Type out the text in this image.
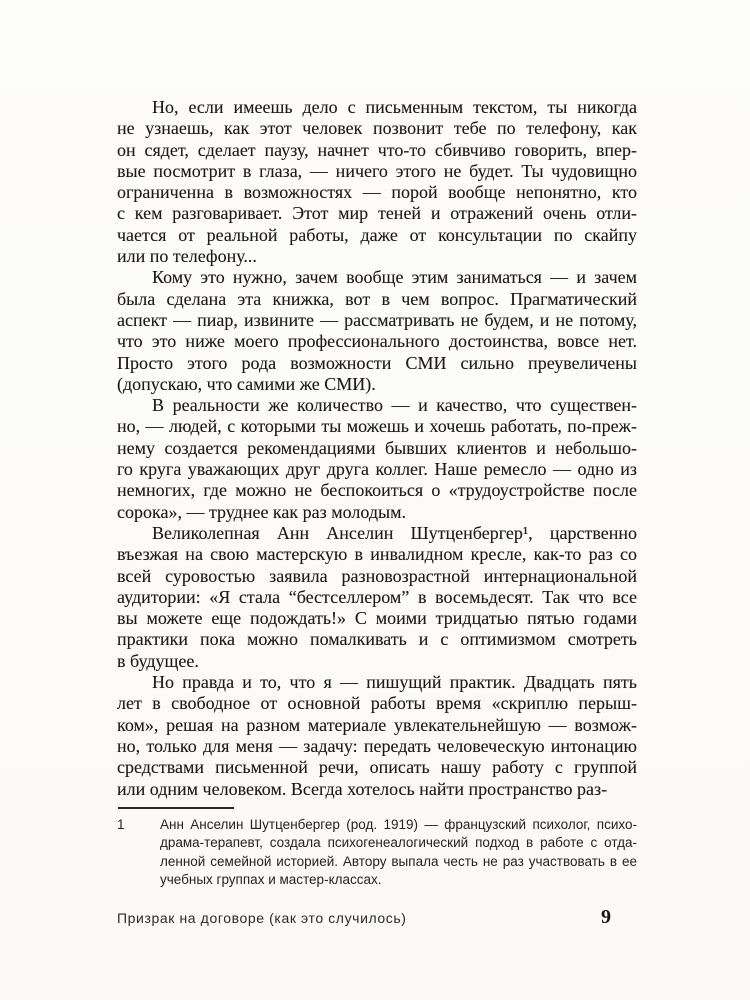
Но, если имеешь дело с письменным текстом, ты никогда
не узнаешь, как этот человек позвонит тебе по телефону, как
он сядет, сделает паузу, начнет что-то сбивчиво говорить, впер-
вые посмотрит в глаза, — ничего этого не будет. Ты чудовищно
ограниченна в возможностях — порой вообще непонятно, кто
с кем разговаривает. Этот мир теней и отражений очень отли-
чается от реальной работы, даже от консультации по скайпу
или по телефону...
Кому это нужно, зачем вообще этим заниматься — и зачем
была сделана эта книжка, вот в чем вопрос. Прагматический
аспект — пиар, извините — рассматривать не будем, и не потому,
что это ниже моего профессионального достоинства, вовсе нет.
Просто этого рода возможности СМИ сильно преувеличены
(допускаю, что самими же СМИ).
В реальности же количество — и качество, что существен-
но, — людей, с которыми ты можешь и хочешь работать, по-преж-
нему создается рекомендациями бывших клиентов и небольшо-
го круга уважающих друг друга коллег. Наше ремесло — одно из
немногих, где можно не беспокоиться о «трудоустройстве после
сорока», — труднее как раз молодым.
Великолепная Анн Анселин Шутценбергер¹, царственно
въезжая на свою мастерскую в инвалидном кресле, как-то раз со
всей суровостью заявила разновозрастной интернациональной
аудитории: «Я стала “бестселлером” в восемьдесят. Так что все
вы можете еще подождать!» С моими тридцатью пятью годами
практики пока можно помалкивать и с оптимизмом смотреть
в будущее.
Но правда и то, что я — пишущий практик. Двадцать пять
лет в свободное от основной работы время «скриплю перыш-
ком», решая на разном материале увлекательнейшую — возмож-
но, только для меня — задачу: передать человеческую интонацию
средствами письменной речи, описать нашу работу с группой
или одним человеком. Всегда хотелось найти пространство раз-
1	Анн Анселин Шутценбергер (род. 1919) — французский психолог, психо-
драма-терапевт, создала психогенеалогический подход в работе с отда-
ленной семейной историей. Автору выпала честь не раз участвовать в ее
учебных группах и мастер-классах.
Призрак на договоре (как это случилось)	9
